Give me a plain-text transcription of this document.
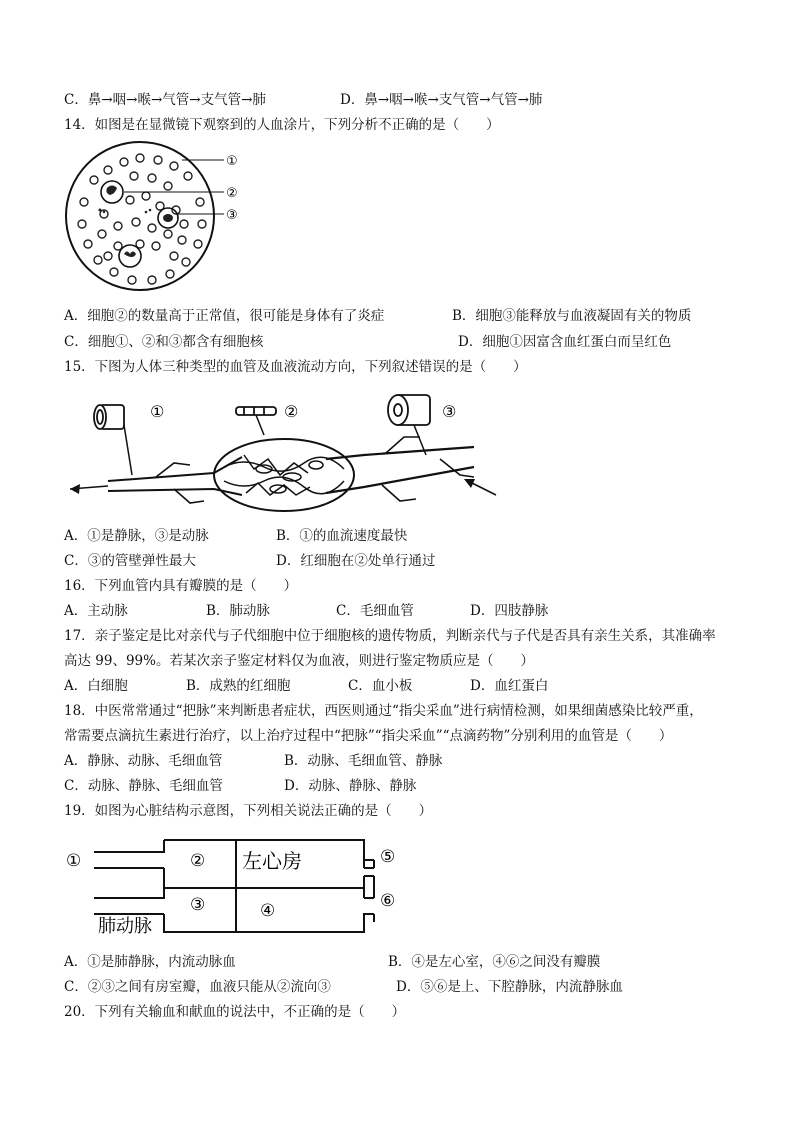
C．鼻→咽→喉→气管→支气管→肺	D．鼻→咽→喉→支气管→气管→肺
14．如图是在显微镜下观察到的人血涂片，下列分析不正确的是（　　）
①
②
③
A．细胞②的数量高于正常值，很可能是身体有了炎症	B．细胞③能释放与血液凝固有关的物质
C．细胞①、②和③都含有细胞核	D．细胞①因富含血红蛋白而呈红色
15．下图为人体三种类型的血管及血液流动方向，下列叙述错误的是（　　）
①	②	③
A．①是静脉，③是动脉	B．①的血流速度最快
C．③的管壁弹性最大	D．红细胞在②处单行通过
16．下列血管内具有瓣膜的是（　　）
A．主动脉	B．肺动脉	C．毛细血管	D．四肢静脉
17．亲子鉴定是比对亲代与子代细胞中位于细胞核的遗传物质，判断亲代与子代是否具有亲生关系，其准确率
高达 99、99%。若某次亲子鉴定材料仅为血液，则进行鉴定物质应是（　　）
A．白细胞	B．成熟的红细胞	C．血小板	D．血红蛋白
18．中医常常通过“把脉”来判断患者症状，西医则通过“指尖采血”进行病情检测，如果细菌感染比较严重，
常需要点滴抗生素进行治疗，以上治疗过程中“把脉”“指尖采血”“点滴药物”分别利用的血管是（　　）
A．静脉、动脉、毛细血管	B．动脉、毛细血管、静脉
C．动脉、静脉、毛细血管	D．动脉、静脉、静脉
19．如图为心脏结构示意图，下列相关说法正确的是（　　）
①	②
③	④
⑤
⑥
左心房
肺动脉
A．①是肺静脉，内流动脉血	B．④是左心室，④⑥之间没有瓣膜
C．②③之间有房室瓣，血液只能从②流向③	D．⑤⑥是上、下腔静脉，内流静脉血
20．下列有关输血和献血的说法中，不正确的是（　　）
